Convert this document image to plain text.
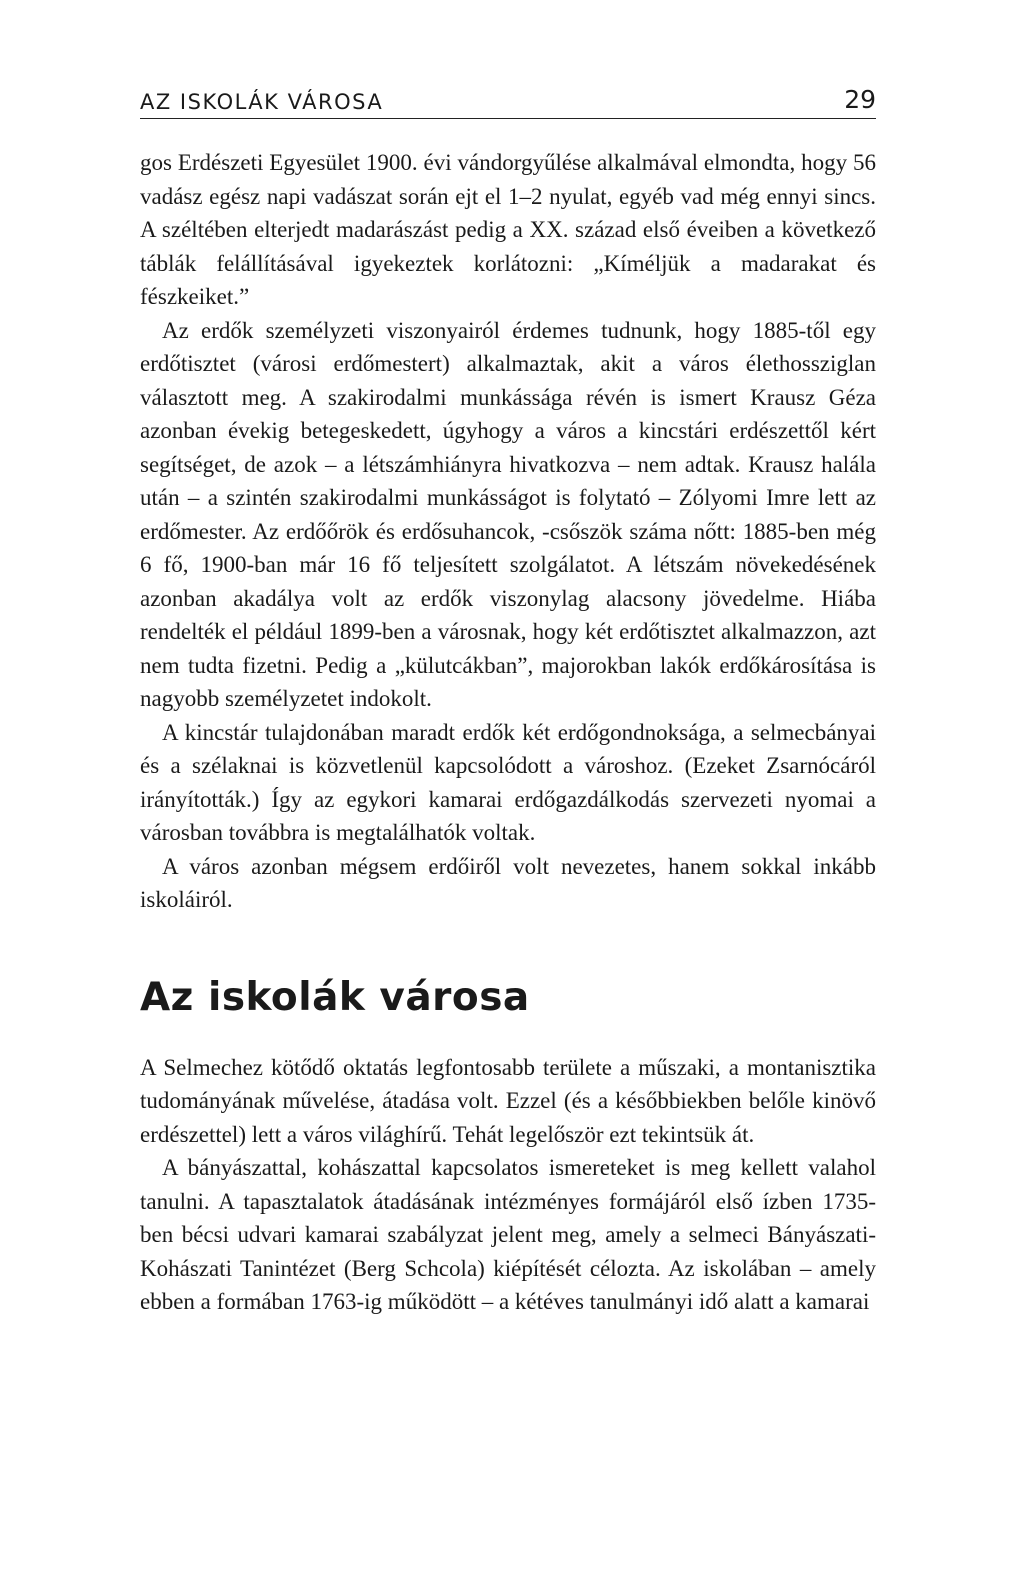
AZ ISKOLÁK VÁROSA	29

gos Erdészeti Egyesület 1900. évi vándorgyűlése alkalmával elmondta, hogy 56 vadász egész napi vadászat során ejt el 1–2 nyulat, egyéb vad még ennyi sincs. A széltében elterjedt madarászást pedig a XX. század első éveiben a következő táblák felállításával igyekeztek korlátozni: „Kíméljük a madarakat és fészkeiket.”

Az erdők személyzeti viszonyairól érdemes tudnunk, hogy 1885-től egy erdőtisztet (városi erdőmestert) alkalmaztak, akit a város élethossziglan választott meg. A szakirodalmi munkássága révén is ismert Krausz Géza azonban évekig betegeskedett, úgyhogy a város a kincstári erdészettől kért segítséget, de azok – a létszámhiányra hivatkozva – nem adtak. Krausz halála után – a szintén szakirodalmi munkásságot is folytató – Zólyomi Imre lett az erdőmester. Az erdőőrök és erdősuhancok, -csőszök száma nőtt: 1885-ben még 6 fő, 1900-ban már 16 fő teljesített szolgálatot. A létszám növekedésének azonban akadálya volt az erdők viszonylag alacsony jövedelme. Hiába rendelték el például 1899-ben a városnak, hogy két erdőtisztet alkalmazzon, azt nem tudta fizetni. Pedig a „külutcákban”, majorokban lakók erdőkárosítása is nagyobb személyzetet indokolt.

A kincstár tulajdonában maradt erdők két erdőgondnoksága, a selmecbányai és a szélaknai is közvetlenül kapcsolódott a városhoz. (Ezeket Zsarnócáról irányították.) Így az egykori kamarai erdőgazdálkodás szervezeti nyomai a városban továbbra is megtalálhatók voltak.

A város azonban mégsem erdőiről volt nevezetes, hanem sokkal inkább iskoláiról.

Az iskolák városa

A Selmechez kötődő oktatás legfontosabb területe a műszaki, a montanisztika tudományának művelése, átadása volt. Ezzel (és a későbbiekben belőle kinövő erdészettel) lett a város világhírű. Tehát legelőször ezt tekintsük át.

A bányászattal, kohászattal kapcsolatos ismereteket is meg kellett valahol tanulni. A tapasztalatok átadásának intézményes formájáról első ízben 1735-ben bécsi udvari kamarai szabályzat jelent meg, amely a selmeci Bányászati-Kohászati Tanintézet (Berg Schcola) kiépítését célozta. Az iskolában – amely ebben a formában 1763-ig működött – a kétéves tanulmányi idő alatt a kamarai
